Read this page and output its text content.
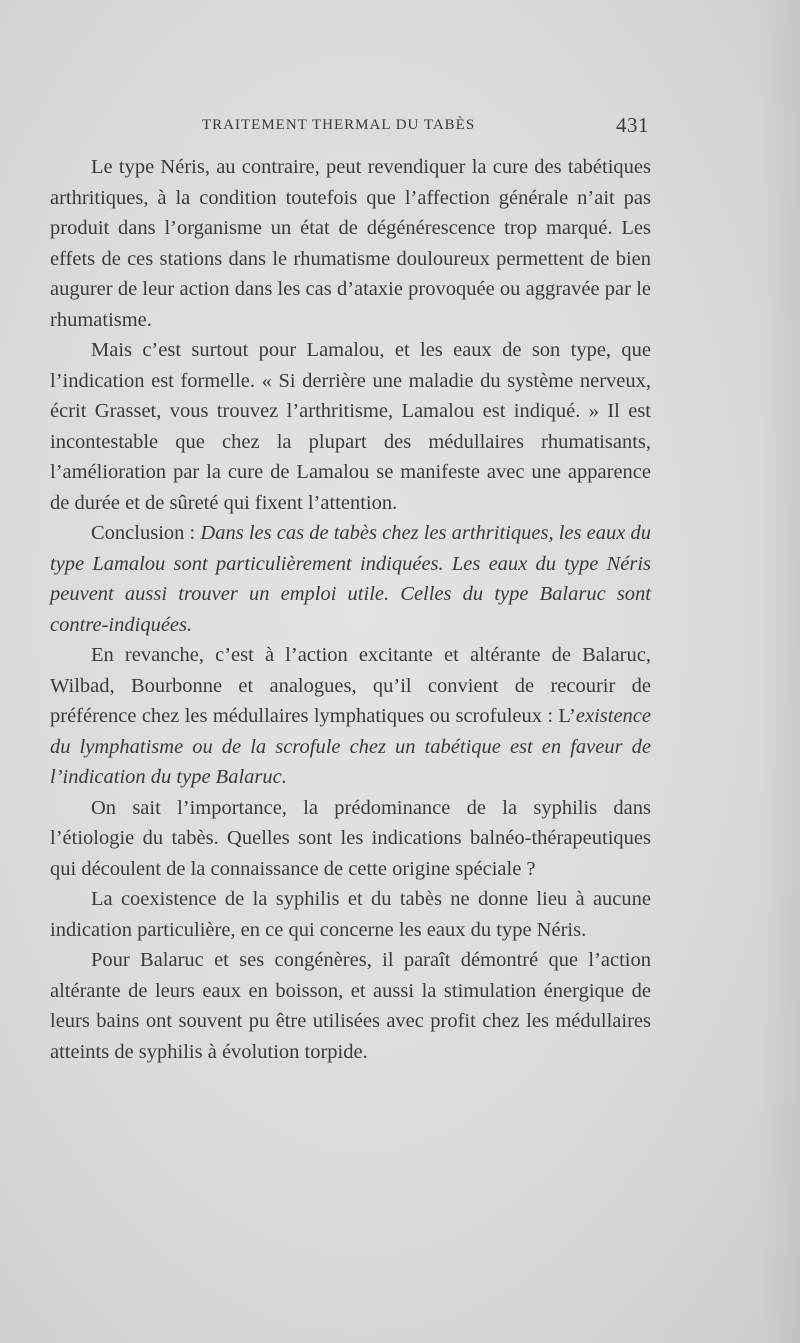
TRAITEMENT THERMAL DU TABÈS	431

Le type Néris, au contraire, peut revendiquer la cure des tabétiques arthritiques, à la condition toutefois que l’affection générale n’ait pas produit dans l’organisme un état de dégénérescence trop marqué. Les effets de ces stations dans le rhumatisme douloureux permettent de bien augurer de leur action dans les cas d’ataxie provoquée ou aggravée par le rhumatisme.

Mais c’est surtout pour Lamalou, et les eaux de son type, que l’indication est formelle. « Si derrière une maladie du système nerveux, écrit Grasset, vous trouvez l’arthritisme, Lamalou est indiqué. » Il est incontestable que chez la plupart des médullaires rhumatisants, l’amélioration par la cure de Lamalou se manifeste avec une apparence de durée et de sûreté qui fixent l’attention.

Conclusion : Dans les cas de tabès chez les arthritiques, les eaux du type Lamalou sont particulièrement indiquées. Les eaux du type Néris peuvent aussi trouver un emploi utile. Celles du type Balaruc sont contre-indiquées.

En revanche, c’est à l’action excitante et altérante de Balaruc, Wilbad, Bourbonne et analogues, qu’il convient de recourir de préférence chez les médullaires lymphatiques ou scrofuleux : L’existence du lymphatisme ou de la scrofule chez un tabétique est en faveur de l’indication du type Balaruc.

On sait l’importance, la prédominance de la syphilis dans l’étiologie du tabès. Quelles sont les indications balnéo-thérapeutiques qui découlent de la connaissance de cette origine spéciale ?

La coexistence de la syphilis et du tabès ne donne lieu à aucune indication particulière, en ce qui concerne les eaux du type Néris.

Pour Balaruc et ses congénères, il paraît démontré que l’action altérante de leurs eaux en boisson, et aussi la stimulation énergique de leurs bains ont souvent pu être utilisées avec profit chez les médullaires atteints de syphilis à évolution torpide.
